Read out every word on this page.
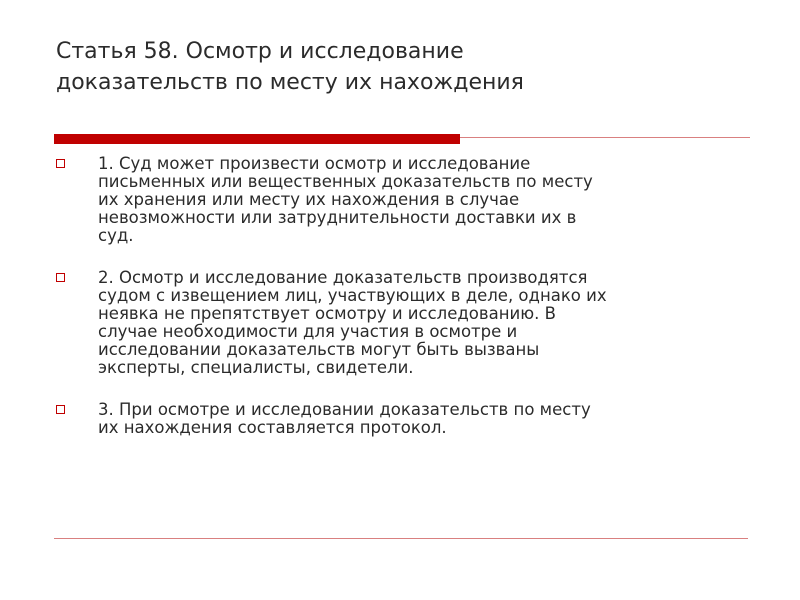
Статья 58. Осмотр и исследование
доказательств по месту их нахождения
1. Суд может произвести осмотр и исследование
письменных или вещественных доказательств по месту
их хранения или месту их нахождения в случае
невозможности или затруднительности доставки их в
суд.
2. Осмотр и исследование доказательств производятся
судом с извещением лиц, участвующих в деле, однако их
неявка не препятствует осмотру и исследованию. В
случае необходимости для участия в осмотре и
исследовании доказательств могут быть вызваны
эксперты, специалисты, свидетели.
3. При осмотре и исследовании доказательств по месту
их нахождения составляется протокол.
